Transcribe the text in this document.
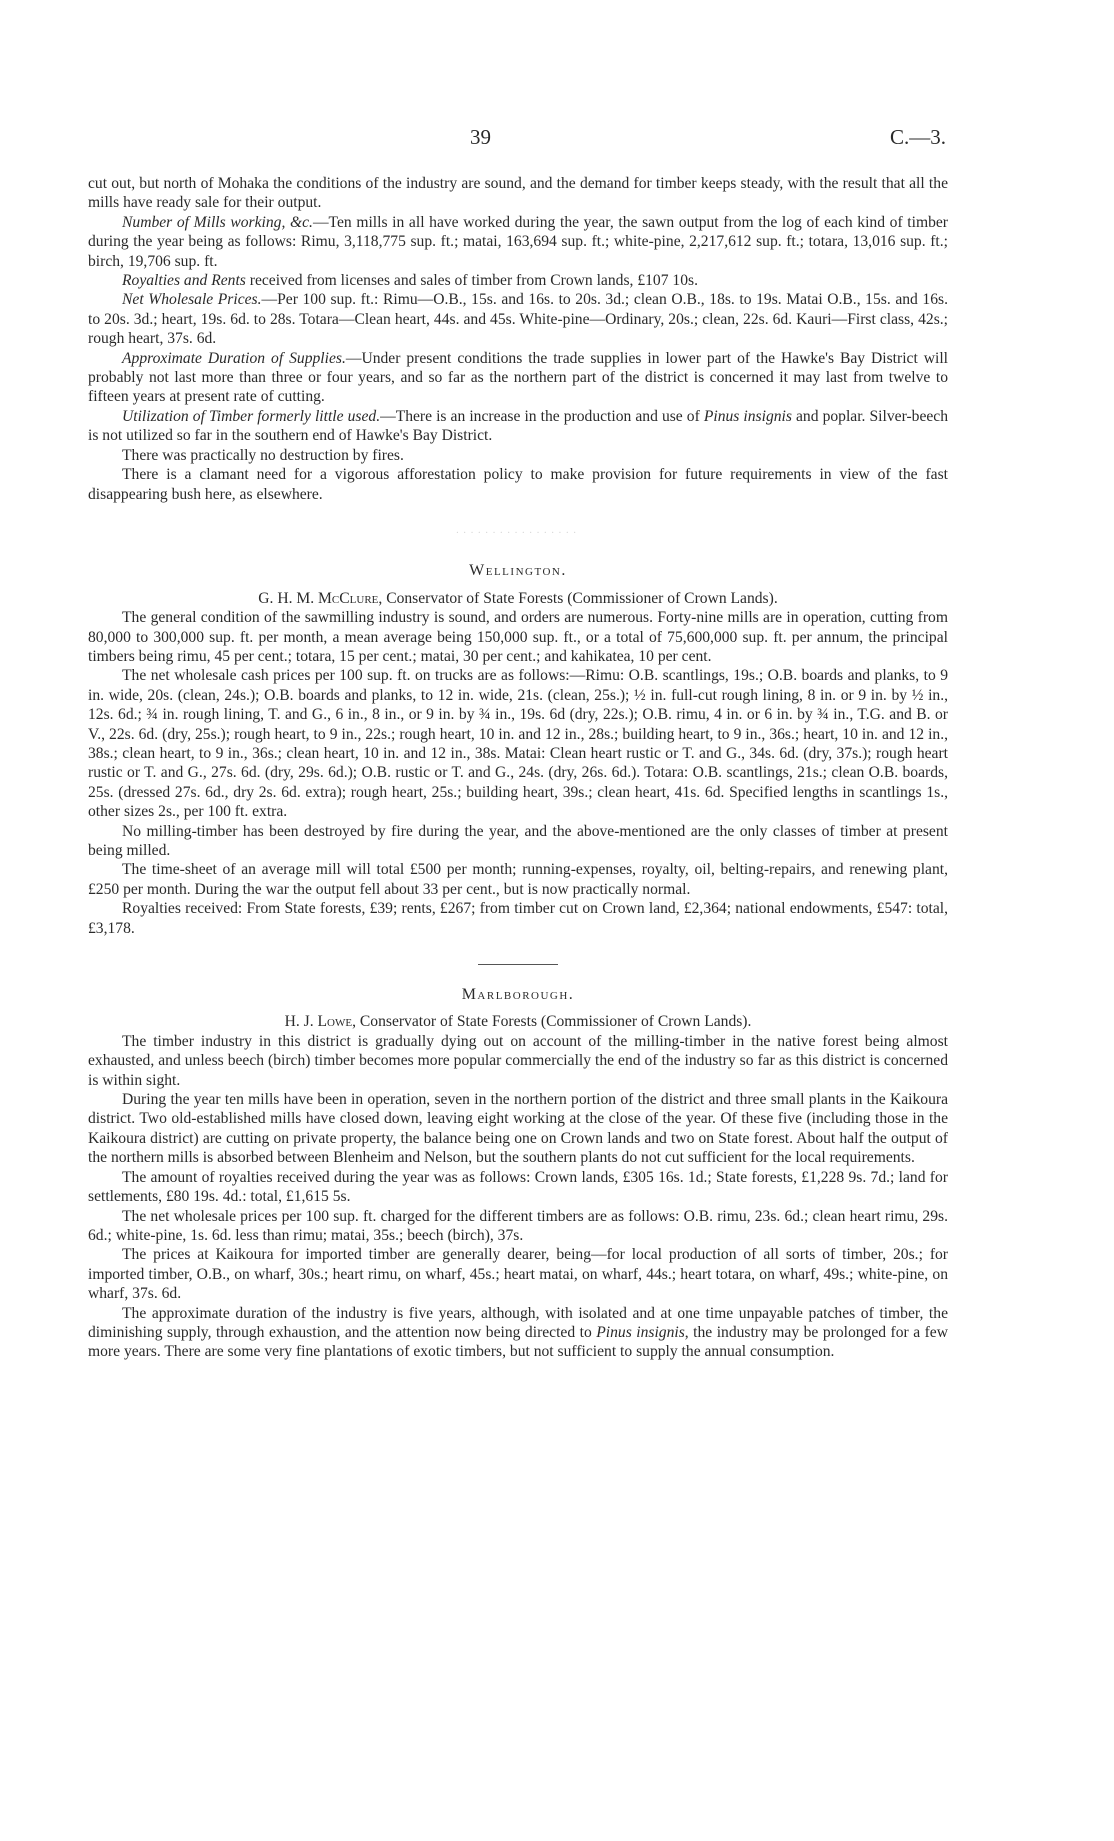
39	C.—3.

cut out, but north of Mohaka the conditions of the industry are sound, and the demand for timber keeps steady, with the result that all the mills have ready sale for their output.

Number of Mills working, &c.—Ten mills in all have worked during the year, the sawn output from the log of each kind of timber during the year being as follows: Rimu, 3,118,775 sup. ft.; matai, 163,694 sup. ft.; white-pine, 2,217,612 sup. ft.; totara, 13,016 sup. ft.; birch, 19,706 sup. ft.

Royalties and Rents received from licenses and sales of timber from Crown lands, £107 10s.

Net Wholesale Prices.—Per 100 sup. ft.: Rimu—O.B., 15s. and 16s. to 20s. 3d.; clean O.B., 18s. to 19s. Matai O.B., 15s. and 16s. to 20s. 3d.; heart, 19s. 6d. to 28s. Totara—Clean heart, 44s. and 45s. White-pine—Ordinary, 20s.; clean, 22s. 6d. Kauri—First class, 42s.; rough heart, 37s. 6d.

Approximate Duration of Supplies.—Under present conditions the trade supplies in lower part of the Hawke's Bay District will probably not last more than three or four years, and so far as the northern part of the district is concerned it may last from twelve to fifteen years at present rate of cutting.

Utilization of Timber formerly little used.—There is an increase in the production and use of Pinus insignis and poplar. Silver-beech is not utilized so far in the southern end of Hawke's Bay District.

There was practically no destruction by fires.

There is a clamant need for a vigorous afforestation policy to make provision for future requirements in view of the fast disappearing bush here, as elsewhere.

·················

Wellington.

G. H. M. McClure, Conservator of State Forests (Commissioner of Crown Lands).

The general condition of the sawmilling industry is sound, and orders are numerous. Forty-nine mills are in operation, cutting from 80,000 to 300,000 sup. ft. per month, a mean average being 150,000 sup. ft., or a total of 75,600,000 sup. ft. per annum, the principal timbers being rimu, 45 per cent.; totara, 15 per cent.; matai, 30 per cent.; and kahikatea, 10 per cent.

The net wholesale cash prices per 100 sup. ft. on trucks are as follows:—Rimu: O.B. scantlings, 19s.; O.B. boards and planks, to 9 in. wide, 20s. (clean, 24s.); O.B. boards and planks, to 12 in. wide, 21s. (clean, 25s.); ½ in. full-cut rough lining, 8 in. or 9 in. by ½ in., 12s. 6d.; ¾ in. rough lining, T. and G., 6 in., 8 in., or 9 in. by ¾ in., 19s. 6d (dry, 22s.); O.B. rimu, 4 in. or 6 in. by ¾ in., T.G. and B. or V., 22s. 6d. (dry, 25s.); rough heart, to 9 in., 22s.; rough heart, 10 in. and 12 in., 28s.; building heart, to 9 in., 36s.; heart, 10 in. and 12 in., 38s.; clean heart, to 9 in., 36s.; clean heart, 10 in. and 12 in., 38s. Matai: Clean heart rustic or T. and G., 34s. 6d. (dry, 37s.); rough heart rustic or T. and G., 27s. 6d. (dry, 29s. 6d.); O.B. rustic or T. and G., 24s. (dry, 26s. 6d.). Totara: O.B. scantlings, 21s.; clean O.B. boards, 25s. (dressed 27s. 6d., dry 2s. 6d. extra); rough heart, 25s.; building heart, 39s.; clean heart, 41s. 6d. Specified lengths in scantlings 1s., other sizes 2s., per 100 ft. extra.

No milling-timber has been destroyed by fire during the year, and the above-mentioned are the only classes of timber at present being milled.

The time-sheet of an average mill will total £500 per month; running-expenses, royalty, oil, belting-repairs, and renewing plant, £250 per month. During the war the output fell about 33 per cent., but is now practically normal.

Royalties received: From State forests, £39; rents, £267; from timber cut on Crown land, £2,364; national endowments, £547: total, £3,178.

Marlborough.

H. J. Lowe, Conservator of State Forests (Commissioner of Crown Lands).

The timber industry in this district is gradually dying out on account of the milling-timber in the native forest being almost exhausted, and unless beech (birch) timber becomes more popular commercially the end of the industry so far as this district is concerned is within sight.

During the year ten mills have been in operation, seven in the northern portion of the district and three small plants in the Kaikoura district. Two old-established mills have closed down, leaving eight working at the close of the year. Of these five (including those in the Kaikoura district) are cutting on private property, the balance being one on Crown lands and two on State forest. About half the output of the northern mills is absorbed between Blenheim and Nelson, but the southern plants do not cut sufficient for the local requirements.

The amount of royalties received during the year was as follows: Crown lands, £305 16s. 1d.; State forests, £1,228 9s. 7d.; land for settlements, £80 19s. 4d.: total, £1,615 5s.

The net wholesale prices per 100 sup. ft. charged for the different timbers are as follows: O.B. rimu, 23s. 6d.; clean heart rimu, 29s. 6d.; white-pine, 1s. 6d. less than rimu; matai, 35s.; beech (birch), 37s.

The prices at Kaikoura for imported timber are generally dearer, being—for local production of all sorts of timber, 20s.; for imported timber, O.B., on wharf, 30s.; heart rimu, on wharf, 45s.; heart matai, on wharf, 44s.; heart totara, on wharf, 49s.; white-pine, on wharf, 37s. 6d.

The approximate duration of the industry is five years, although, with isolated and at one time unpayable patches of timber, the diminishing supply, through exhaustion, and the attention now being directed to Pinus insignis, the industry may be prolonged for a few more years. There are some very fine plantations of exotic timbers, but not sufficient to supply the annual consumption.
